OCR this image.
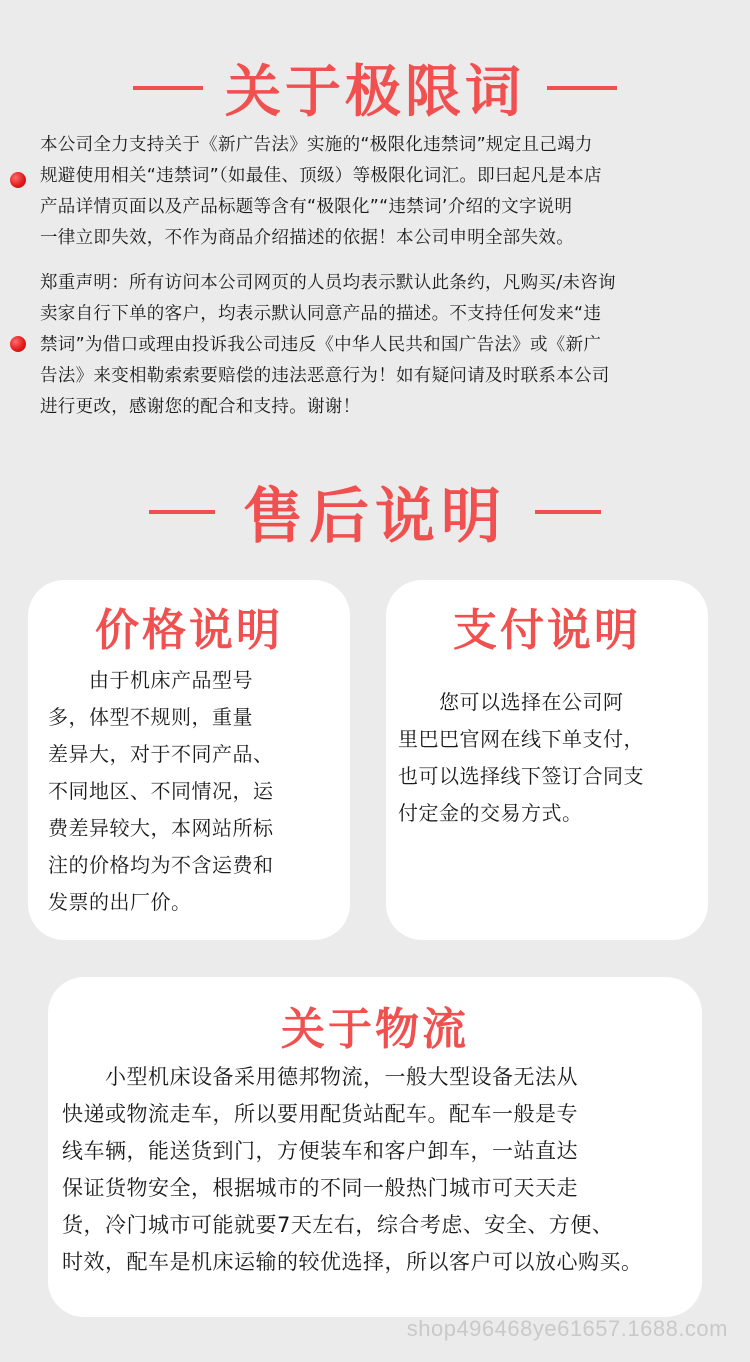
关于极限词
本公司全力支持关于《新广告法》实施的“极限化违禁词”规定且己竭力
规避使用相关“违禁词”（如最佳、顶级）等极限化词汇。即曰起凡是本店
产品详情页面以及产品标题等含有“极限化”“违禁词’介绍的文字说明
一律立即失效，不作为商品介绍描述的依据！本公司申明全部失效。
郑重声明：所有访问本公司网页的人员均表示默认此条约，凡购买/未咨询
卖家自行下单的客户，均表示默认同意产品的描述。不支持任何发来“违
禁词”为借口或理由投诉我公司违反《中华人民共和国广告法》或《新广
告法》来变相勒索索要赔偿的违法恶意行为！如有疑问请及时联系本公司
进行更改，感谢您的配合和支持。谢谢！
售后说明
价格说明
　　由于机床产品型号
多，体型不规则，重量
差异大，对于不同产品、
不同地区、不同情况，运
费差异较大，本网站所标
注的价格均为不含运费和
发票的出厂价。
支付说明
　　您可以选择在公司阿
里巴巴官网在线下单支付，
也可以选择线下签订合同支
付定金的交易方式。
关于物流
　　小型机床设备采用德邦物流，一般大型设备无法从
快递或物流走车，所以要用配货站配车。配车一般是专
线车辆，能送货到门，方便装车和客户卸车，一站直达
保证货物安全，根据城市的不同一般热门城市可天天走
货，冷门城市可能就要7天左右，综合考虑、安全、方便、
时效，配车是机床运输的较优选择，所以客户可以放心购买。
shop496468ye61657.1688.com
